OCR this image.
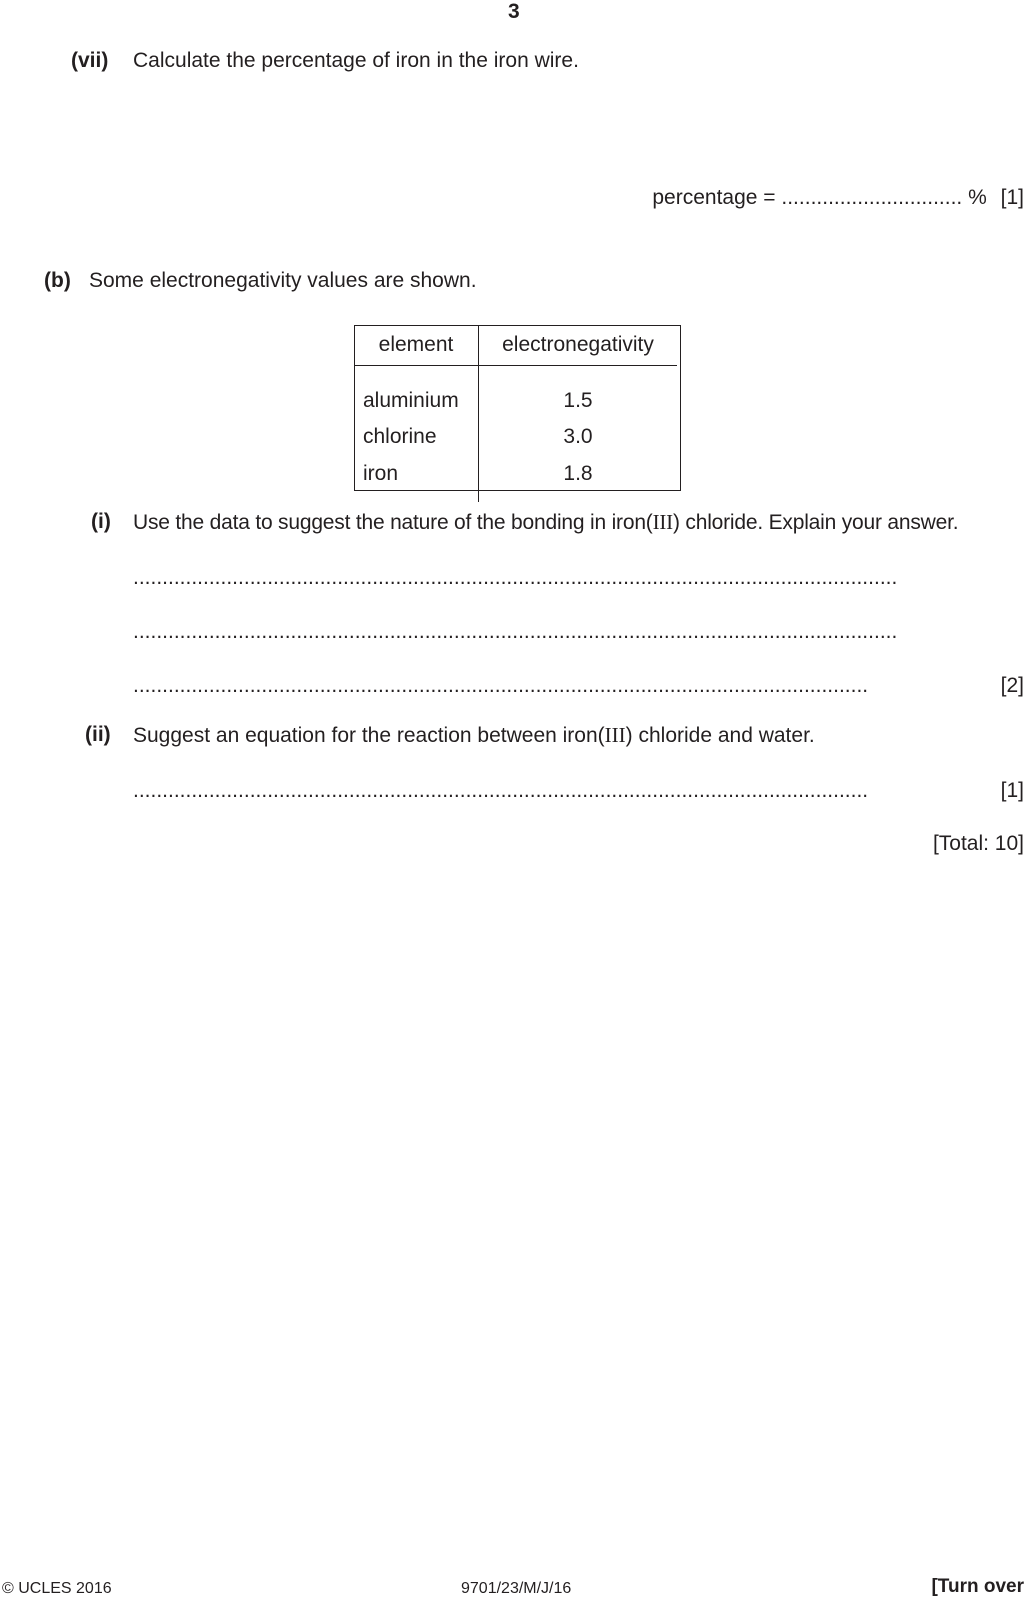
3
(vii) Calculate the percentage of iron in the iron wire.
percentage = ............................... % [1]
(b) Some electronegativity values are shown.
element	electronegativity
aluminium	1.5
chlorine	3.0
iron	1.8
(i) Use the data to suggest the nature of the bonding in iron(III) chloride. Explain your answer.
...................................................................................................................................
...................................................................................................................................
..............................................................................................................................	[2]
(ii) Suggest an equation for the reaction between iron(III) chloride and water.
..............................................................................................................................	[1]
[Total: 10]
© UCLES 2016	9701/23/M/J/16	[Turn over
